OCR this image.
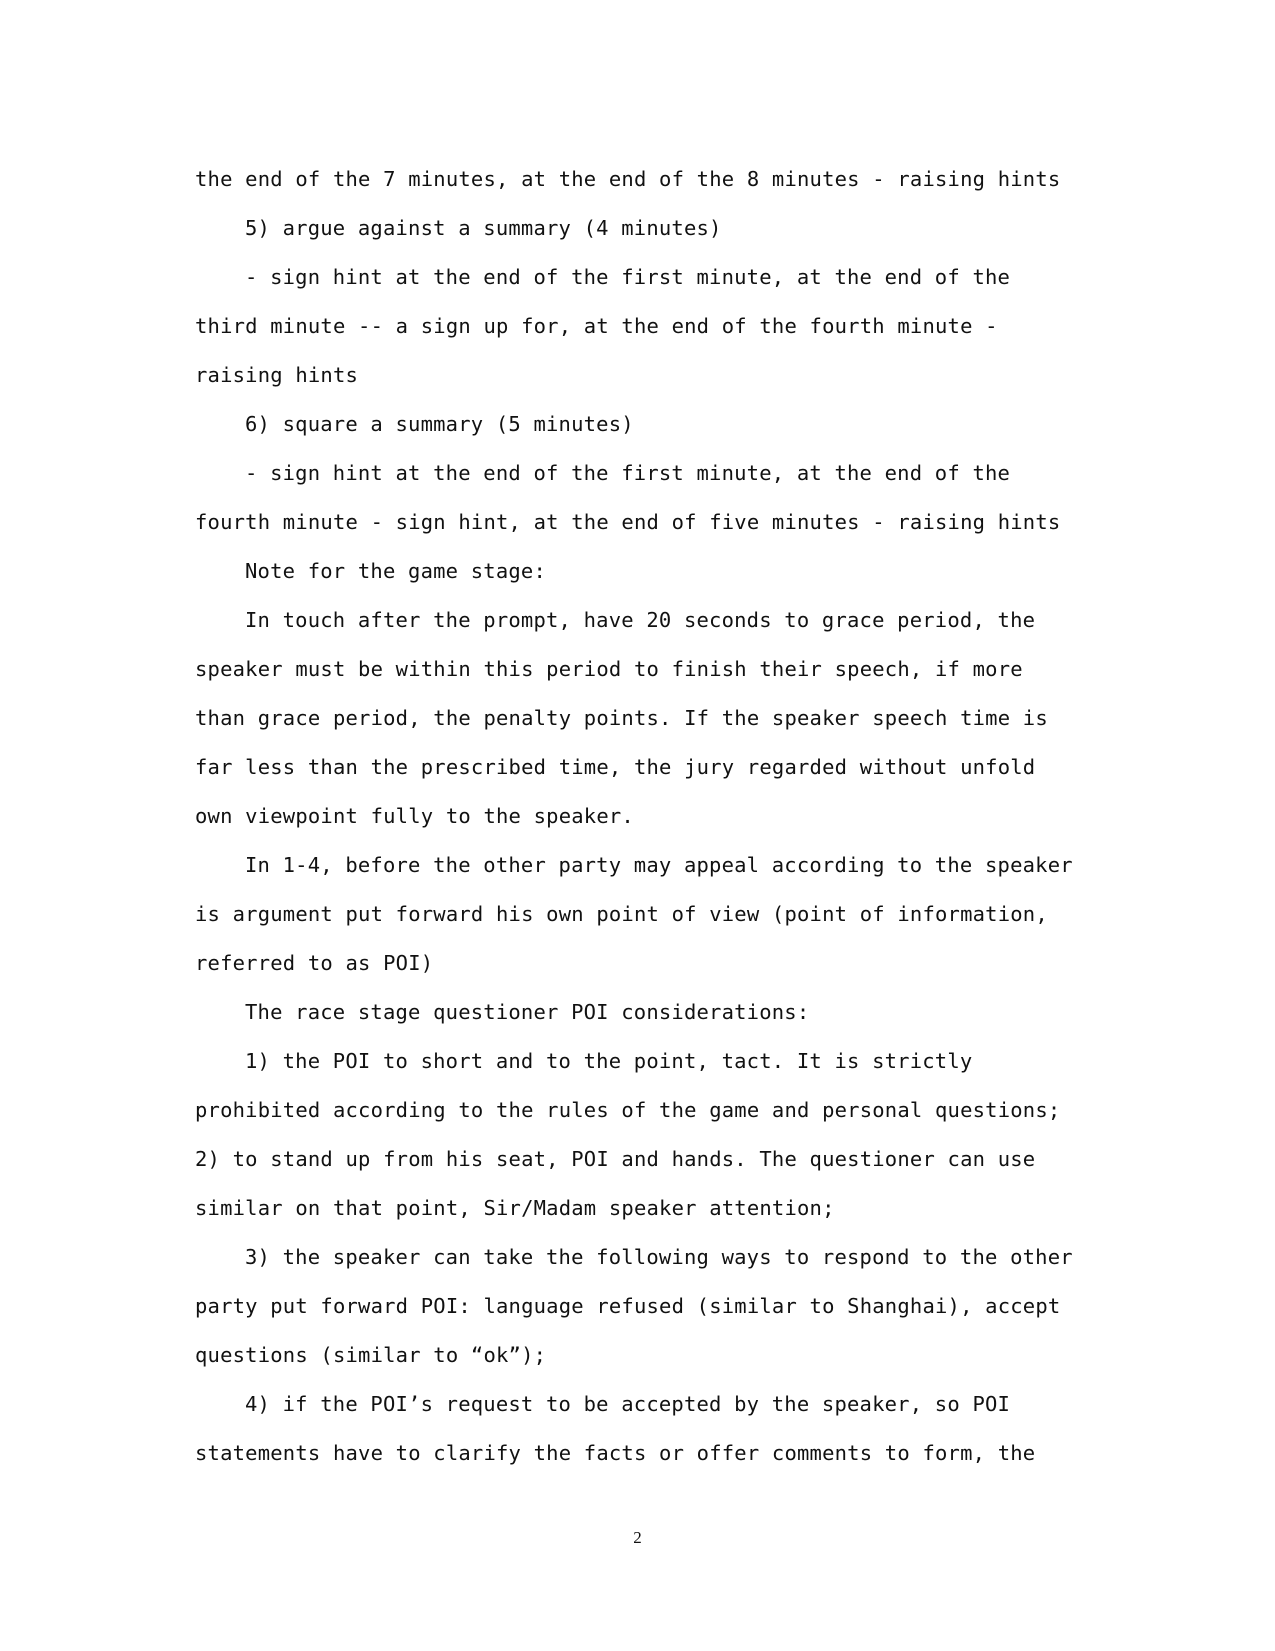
the end of the 7 minutes, at the end of the 8 minutes - raising hints
5) argue against a summary (4 minutes)
- sign hint at the end of the first minute, at the end of the
third minute -- a sign up for, at the end of the fourth minute -
raising hints
6) square a summary (5 minutes)
- sign hint at the end of the first minute, at the end of the
fourth minute - sign hint, at the end of five minutes - raising hints
Note for the game stage:
In touch after the prompt, have 20 seconds to grace period, the
speaker must be within this period to finish their speech, if more
than grace period, the penalty points. If the speaker speech time is
far less than the prescribed time, the jury regarded without unfold
own viewpoint fully to the speaker.
In 1-4, before the other party may appeal according to the speaker
is argument put forward his own point of view (point of information,
referred to as POI)
The race stage questioner POI considerations:
1) the POI to short and to the point, tact. It is strictly
prohibited according to the rules of the game and personal questions;
2) to stand up from his seat, POI and hands. The questioner can use
similar on that point, Sir/Madam speaker attention;
3) the speaker can take the following ways to respond to the other
party put forward POI: language refused (similar to Shanghai), accept
questions (similar to “ok”);
4) if the POI’s request to be accepted by the speaker, so POI
statements have to clarify the facts or offer comments to form, the
2
